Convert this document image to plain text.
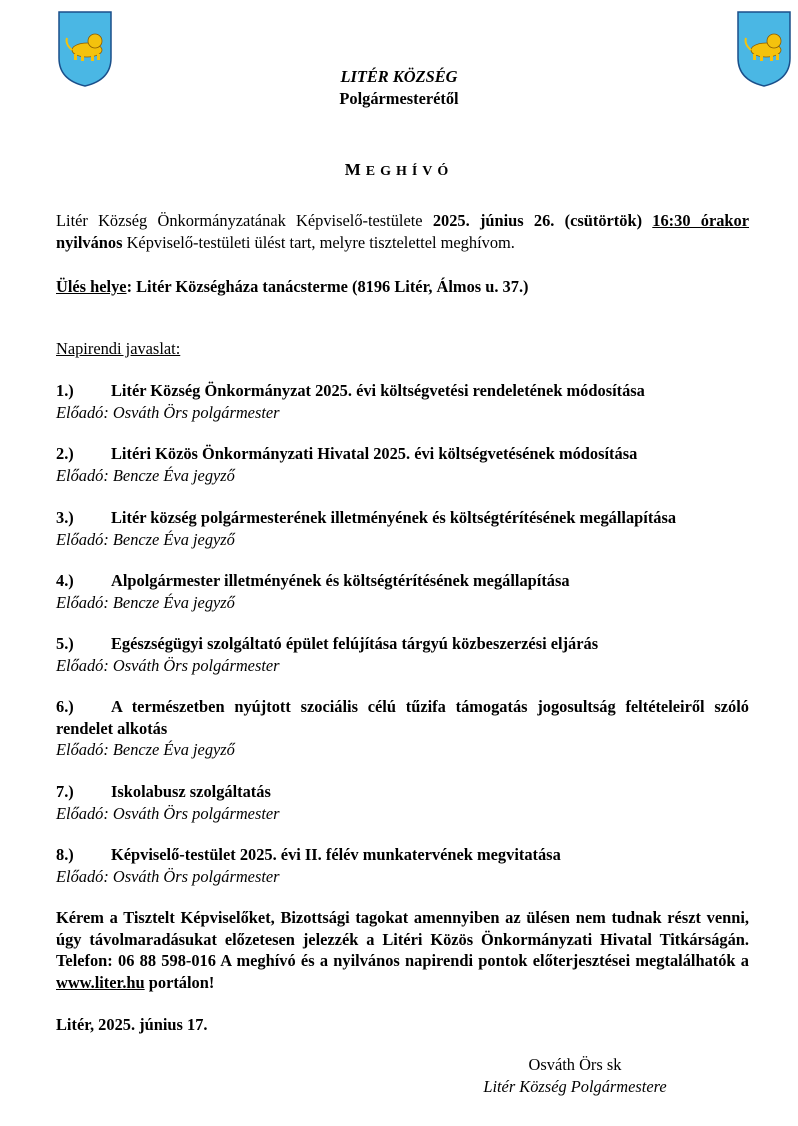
LITÉR KÖZSÉG
Polgármesterétől
MEGHÍVÓ
Litér Község Önkormányzatának Képviselő-testülete 2025. június 26. (csütörtök) 16:30 órakor nyilvános Képviselő-testületi ülést tart, melyre tisztelettel meghívom.
Ülés helye: Litér Községháza tanácsterme (8196 Litér, Álmos u. 37.)
Napirendi javaslat:
1.) Litér Község Önkormányzat 2025. évi költségvetési rendeletének módosítása
Előadó: Osváth Örs polgármester
2.) Litéri Közös Önkormányzati Hivatal 2025. évi költségvetésének módosítása
Előadó: Bencze Éva jegyző
3.) Litér község polgármesterének illetményének és költségtérítésének megállapítása
Előadó: Bencze Éva jegyző
4.) Alpolgármester illetményének és költségtérítésének megállapítása
Előadó: Bencze Éva jegyző
5.) Egészségügyi szolgáltató épület felújítása tárgyú közbeszerzési eljárás
Előadó: Osváth Örs polgármester
6.) A természetben nyújtott szociális célú tűzifa támogatás jogosultság feltételeiről szóló rendelet alkotás
Előadó: Bencze Éva jegyző
7.) Iskolabusz szolgáltatás
Előadó: Osváth Örs polgármester
8.) Képviselő-testület 2025. évi II. félév munkatervének megvitatása
Előadó: Osváth Örs polgármester
Kérem a Tisztelt Képviselőket, Bizottsági tagokat amennyiben az ülésen nem tudnak részt venni, úgy távolmaradásukat előzetesen jelezzék a Litéri Közös Önkormányzati Hivatal Titkárságán. Telefon: 06 88 598-016 A meghívó és a nyilvános napirendi pontok előterjesztései megtalálhatók a www.liter.hu portálon!
Litér, 2025. június 17.
Osváth Örs sk
Litér Község Polgármestere
